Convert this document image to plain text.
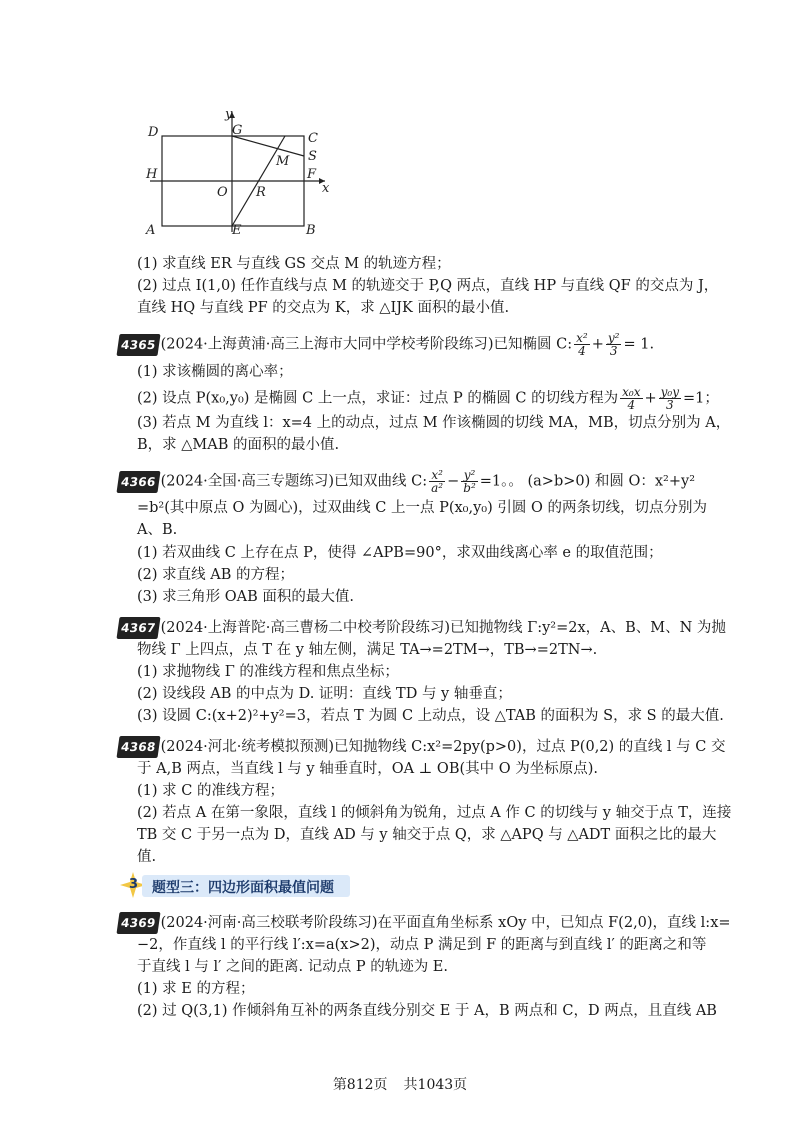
D	G
C
y
M S
H	F
x
O R
A	E	B
(1) 求直线 ER 与直线 GS 交点 M 的轨迹方程；
(2) 过点 I(1,0) 任作直线与点 M 的轨迹交于 P,Q 两点，直线 HP 与直线 QF 的交点为 J，
直线 HQ 与直线 PF 的交点为 K，求 △IJK 面积的最小值.
4365 (2024·上海黄浦·高三上海市大同中学校考阶段练习)已知椭圆 C: $\frac{\text{x²}}{4} + \frac{\text{y²}}{3} = 1$.
(1) 求该椭圆的离心率；
(2) 设点 P(x₀,y₀) 是椭圆 C 上一点，求证：过点 P 的椭圆 C 的切线方程为 $\frac{\text{x₀x}}{4} + \frac{\text{y₀y}}{3} =1$；
(3) 若点 M 为直线 l：x=4 上的动点，过点 M 作该椭圆的切线 MA，MB，切点分别为 A，
B，求 △MAB 的面积的最小值.
4366 (2024·全国·高三专题练习)已知双曲线 C: $\frac{\text{x²}}{\text{a²}} - \frac{\text{y²}}{\text{b²}} =1$。。 (a>b>0) 和圆 O：x²+y²
=b²(其中原点 O 为圆心)，过双曲线 C 上一点 P(x₀,y₀) 引圆 O 的两条切线，切点分别为
A、B.
(1) 若双曲线 C 上存在点 P，使得 ∠APB=90°，求双曲线离心率 e 的取值范围；
(2) 求直线 AB 的方程；
(3) 求三角形 OAB 面积的最大值.
4367 (2024·上海普陀·高三曹杨二中校考阶段练习)已知抛物线 Γ:y²=2x，A、B、M、N 为抛
物线 Γ 上四点，点 T 在 y 轴左侧，满足 TA→=2TM→，TB→=2TN→.
(1) 求抛物线 Γ 的准线方程和焦点坐标；
(2) 设线段 AB 的中点为 D. 证明：直线 TD 与 y 轴垂直；
(3) 设圆 C:(x+2)²+y²=3，若点 T 为圆 C 上动点，设 △TAB 的面积为 S，求 S 的最大值.
4368 (2024·河北·统考模拟预测)已知抛物线 C:x²=2py(p>0)，过点 P(0,2) 的直线 l 与 C 交
于 A,B 两点，当直线 l 与 y 轴垂直时，OA ⊥ OB(其中 O 为坐标原点).
(1) 求 C 的准线方程；
(2) 若点 A 在第一象限，直线 l 的倾斜角为锐角，过点 A 作 C 的切线与 y 轴交于点 T，连接
TB 交 C 于另一点为 D，直线 AD 与 y 轴交于点 Q，求 △APQ 与 △ADT 面积之比的最大
值.
3 题型三：四边形面积最值问题
4369 (2024·河南·高三校联考阶段练习)在平面直角坐标系 xOy 中，已知点 F(2,0)，直线 l:x=
−2，作直线 l 的平行线 l′:x=a(x>2)，动点 P 满足到 F 的距离与到直线 l′ 的距离之和等
于直线 l 与 l′ 之间的距离. 记动点 P 的轨迹为 E.
(1) 求 E 的方程；
(2) 过 Q(3,1) 作倾斜角互补的两条直线分别交 E 于 A，B 两点和 C，D 两点，且直线 AB
第812页 共1043页
